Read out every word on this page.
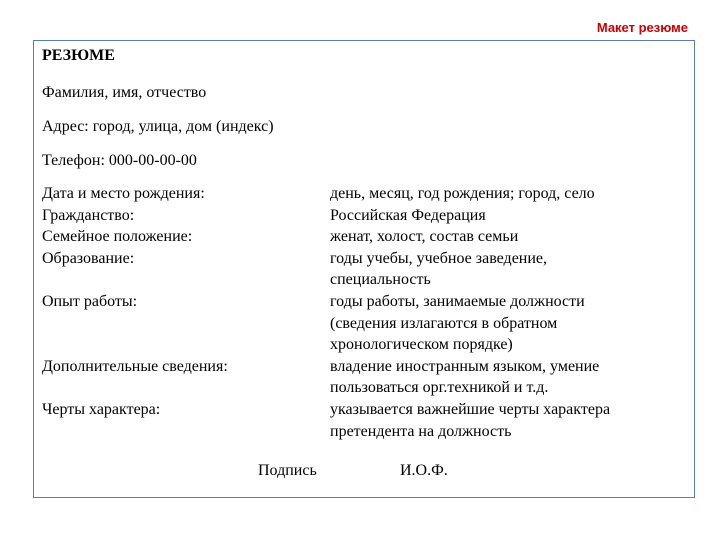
Макет резюме
РЕЗЮМЕ
Фамилия, имя, отчество
Адрес: город, улица, дом (индекс)
Телефон: 000-00-00-00
Дата и место рождения:	день, месяц, год рождения; город, село
Гражданство:	Российская Федерация
Семейное положение:	женат, холост, состав семьи
Образование:	годы учебы, учебное заведение, специальность
Опыт работы:	годы работы, занимаемые должности (сведения излагаются в обратном хронологическом порядке)
Дополнительные сведения:	владение иностранным языком, умение пользоваться орг.техникой и т.д.
Черты характера:	указывается важнейшие черты характера претендента на должность
Подпись	И.О.Ф.
